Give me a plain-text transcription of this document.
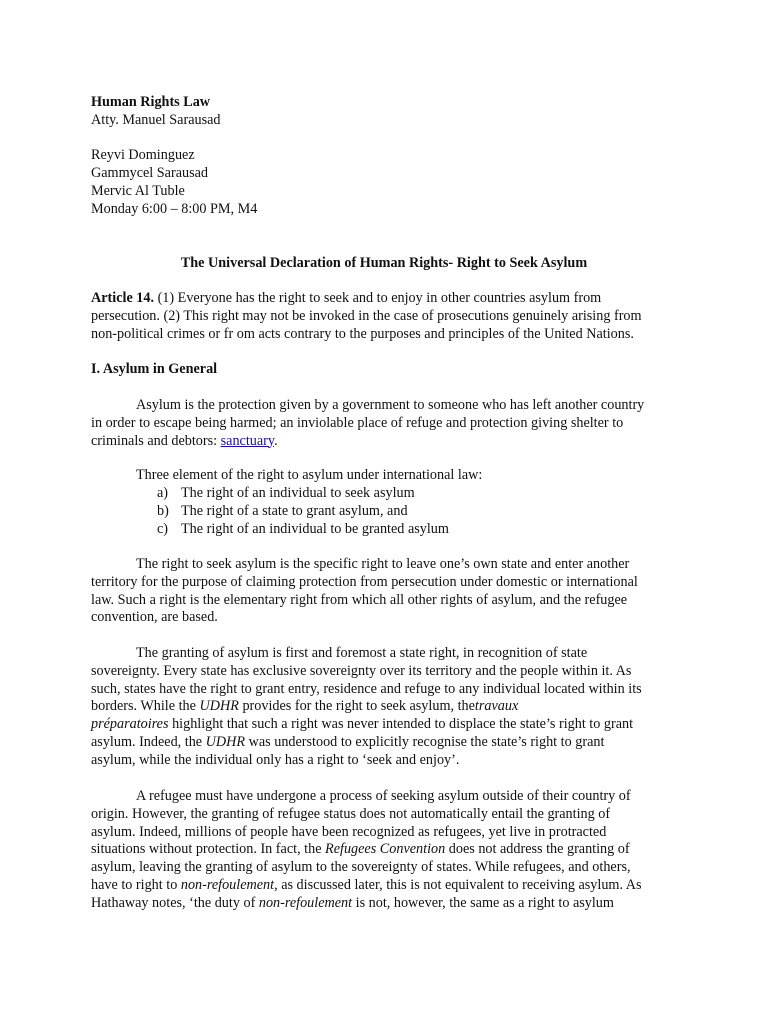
Human Rights Law
Atty. Manuel Sarausad
Reyvi Dominguez
Gammycel Sarausad
Mervic Al Tuble
Monday 6:00 – 8:00 PM, M4
The Universal Declaration of Human Rights- Right to Seek Asylum
Article 14. (1) Everyone has the right to seek and to enjoy in other countries asylum from
persecution. (2) This right may not be invoked in the case of prosecutions genuinely arising from
non-political crimes or fr om acts contrary to the purposes and principles of the United Nations.
I. Asylum in General
Asylum is the protection given by a government to someone who has left another country
in order to escape being harmed; an inviolable place of refuge and protection giving shelter to
criminals and debtors: sanctuary.
Three element of the right to asylum under international law:
a) The right of an individual to seek asylum
b) The right of a state to grant asylum, and
c) The right of an individual to be granted asylum
The right to seek asylum is the specific right to leave one’s own state and enter another
territory for the purpose of claiming protection from persecution under domestic or international
law. Such a right is the elementary right from which all other rights of asylum, and the refugee
convention, are based.
The granting of asylum is first and foremost a state right, in recognition of state
sovereignty. Every state has exclusive sovereignty over its territory and the people within it. As
such, states have the right to grant entry, residence and refuge to any individual located within its
borders. While the UDHR provides for the right to seek asylum, thetravaux
préparatoires highlight that such a right was never intended to displace the state’s right to grant
asylum. Indeed, the UDHR was understood to explicitly recognise the state’s right to grant
asylum, while the individual only has a right to ‘seek and enjoy’.
A refugee must have undergone a process of seeking asylum outside of their country of
origin. However, the granting of refugee status does not automatically entail the granting of
asylum. Indeed, millions of people have been recognized as refugees, yet live in protracted
situations without protection. In fact, the Refugees Convention does not address the granting of
asylum, leaving the granting of asylum to the sovereignty of states. While refugees, and others,
have to right to non-refoulement, as discussed later, this is not equivalent to receiving asylum. As
Hathaway notes, ‘the duty of non-refoulement is not, however, the same as a right to asylum
